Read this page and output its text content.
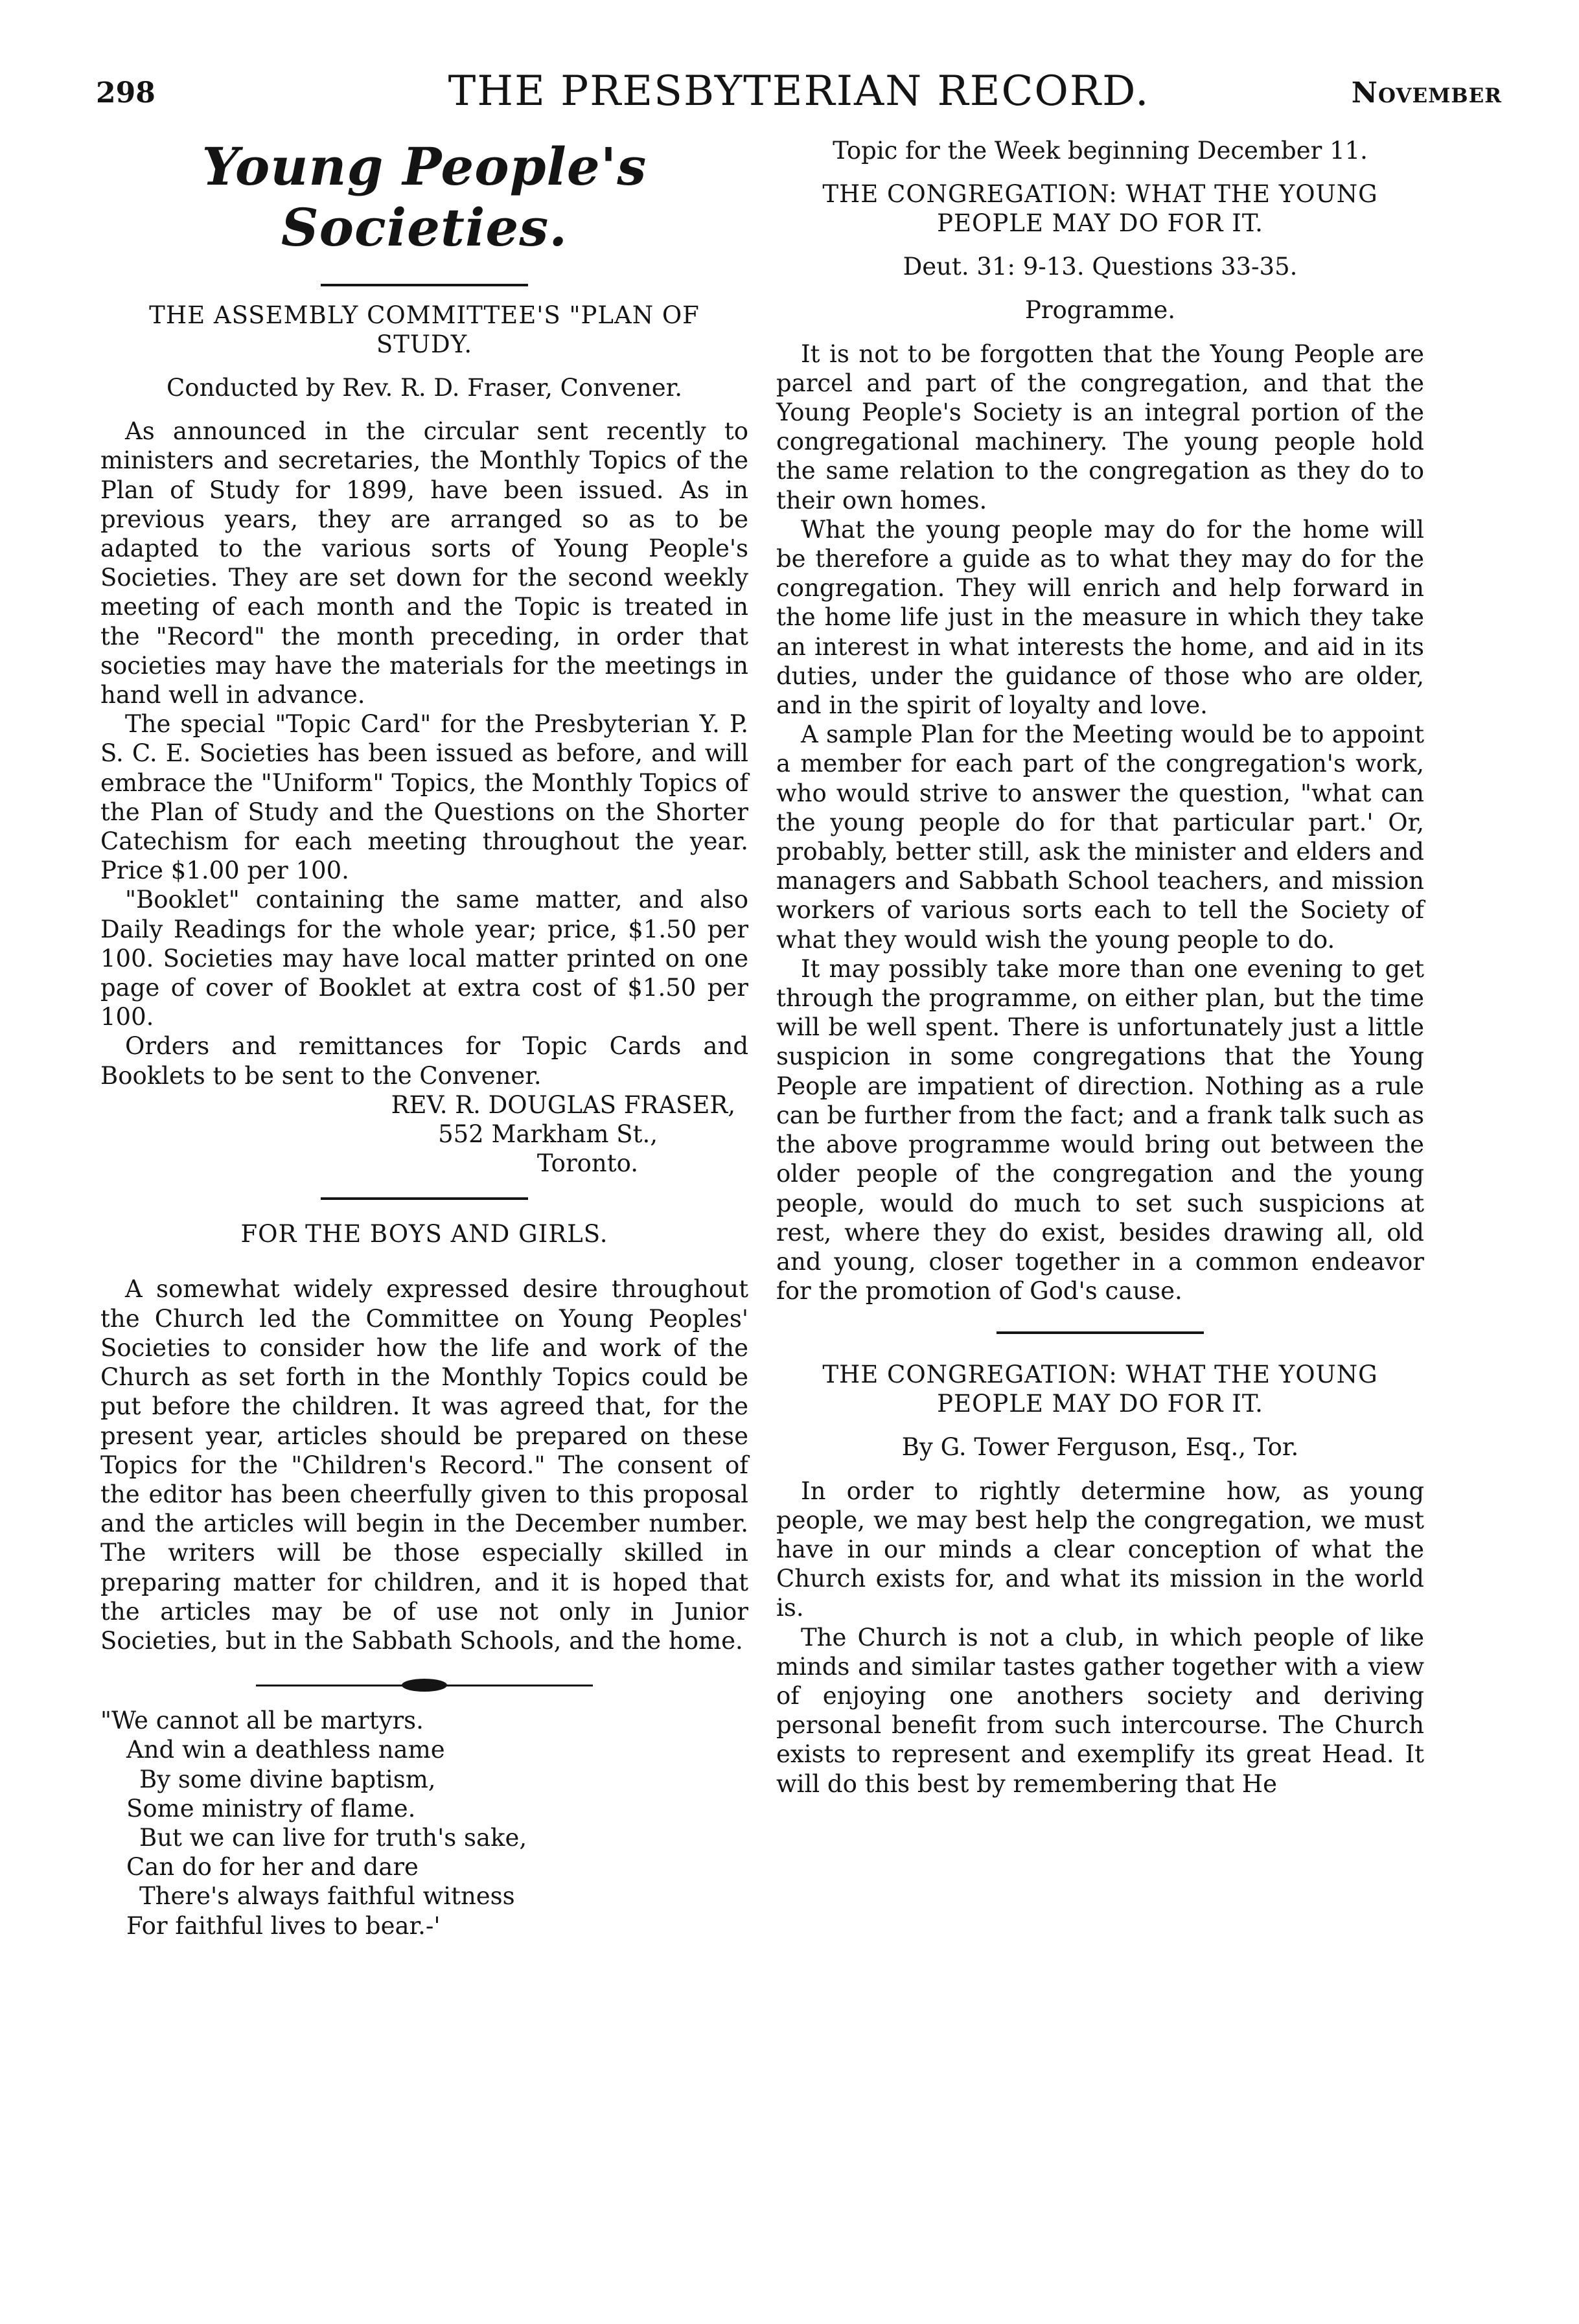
298	THE PRESBYTERIAN RECORD.	November
Young People's Societies.

THE ASSEMBLY COMMITTEE'S "PLAN OF STUDY.

Conducted by Rev. R. D. Fraser, Convener.

As announced in the circular sent recently to ministers and secretaries, the Monthly Topics of the Plan of Study for 1899, have been issued. As in previous years, they are arranged so as to be adapted to the various sorts of Young People's Societies. They are set down for the second weekly meeting of each month and the Topic is treated in the "Record" the month preceding, in order that societies may have the materials for the meetings in hand well in advance.

The special "Topic Card" for the Presbyterian Y. P. S. C. E. Societies has been issued as before, and will embrace the "Uniform" Topics, the Monthly Topics of the Plan of Study and the Questions on the Shorter Catechism for each meeting throughout the year. Price $1.00 per 100.

"Booklet" containing the same matter, and also Daily Readings for the whole year; price, $1.50 per 100. Societies may have local matter printed on one page of cover of Booklet at extra cost of $1.50 per 100.

Orders and remittances for Topic Cards and Booklets to be sent to the Convener.

REV. R. DOUGLAS FRASER,

552 Markham St.,

Toronto.

FOR THE BOYS AND GIRLS.

A somewhat widely expressed desire throughout the Church led the Committee on Young Peoples' Societies to consider how the life and work of the Church as set forth in the Monthly Topics could be put before the children. It was agreed that, for the present year, articles should be prepared on these Topics for the "Children's Record." The consent of the editor has been cheerfully given to this proposal and the articles will begin in the December number. The writers will be those especially skilled in preparing matter for children, and it is hoped that the articles may be of use not only in Junior Societies, but in the Sabbath Schools, and the home.

"We cannot all be martyrs.

And win a deathless name

By some divine baptism,

Some ministry of flame.

But we can live for truth's sake,

Can do for her and dare

There's always faithful witness

For faithful lives to bear.-'

Topic for the Week beginning December 11.

THE CONGREGATION: WHAT THE YOUNG PEOPLE MAY DO FOR IT.

Deut. 31: 9-13. Questions 33-35.

Programme.

It is not to be forgotten that the Young People are parcel and part of the congregation, and that the Young People's Society is an integral portion of the congregational machinery. The young people hold the same relation to the congregation as they do to their own homes.

What the young people may do for the home will be therefore a guide as to what they may do for the congregation. They will enrich and help forward in the home life just in the measure in which they take an interest in what interests the home, and aid in its duties, under the guidance of those who are older, and in the spirit of loyalty and love.

A sample Plan for the Meeting would be to appoint a member for each part of the congregation's work, who would strive to answer the question, "what can the young people do for that particular part.' Or, probably, better still, ask the minister and elders and managers and Sabbath School teachers, and mission workers of various sorts each to tell the Society of what they would wish the young people to do.

It may possibly take more than one evening to get through the programme, on either plan, but the time will be well spent. There is unfortunately just a little suspicion in some congregations that the Young People are impatient of direction. Nothing as a rule can be further from the fact; and a frank talk such as the above programme would bring out between the older people of the congregation and the young people, would do much to set such suspicions at rest, where they do exist, besides drawing all, old and young, closer together in a common endeavor for the promotion of God's cause.

THE CONGREGATION: WHAT THE YOUNG PEOPLE MAY DO FOR IT.

By G. Tower Ferguson, Esq., Tor.

In order to rightly determine how, as young people, we may best help the congregation, we must have in our minds a clear conception of what the Church exists for, and what its mission in the world is.

The Church is not a club, in which people of like minds and similar tastes gather together with a view of enjoying one anothers society and deriving personal benefit from such intercourse. The Church exists to represent and exemplify its great Head. It will do this best by remembering that He
